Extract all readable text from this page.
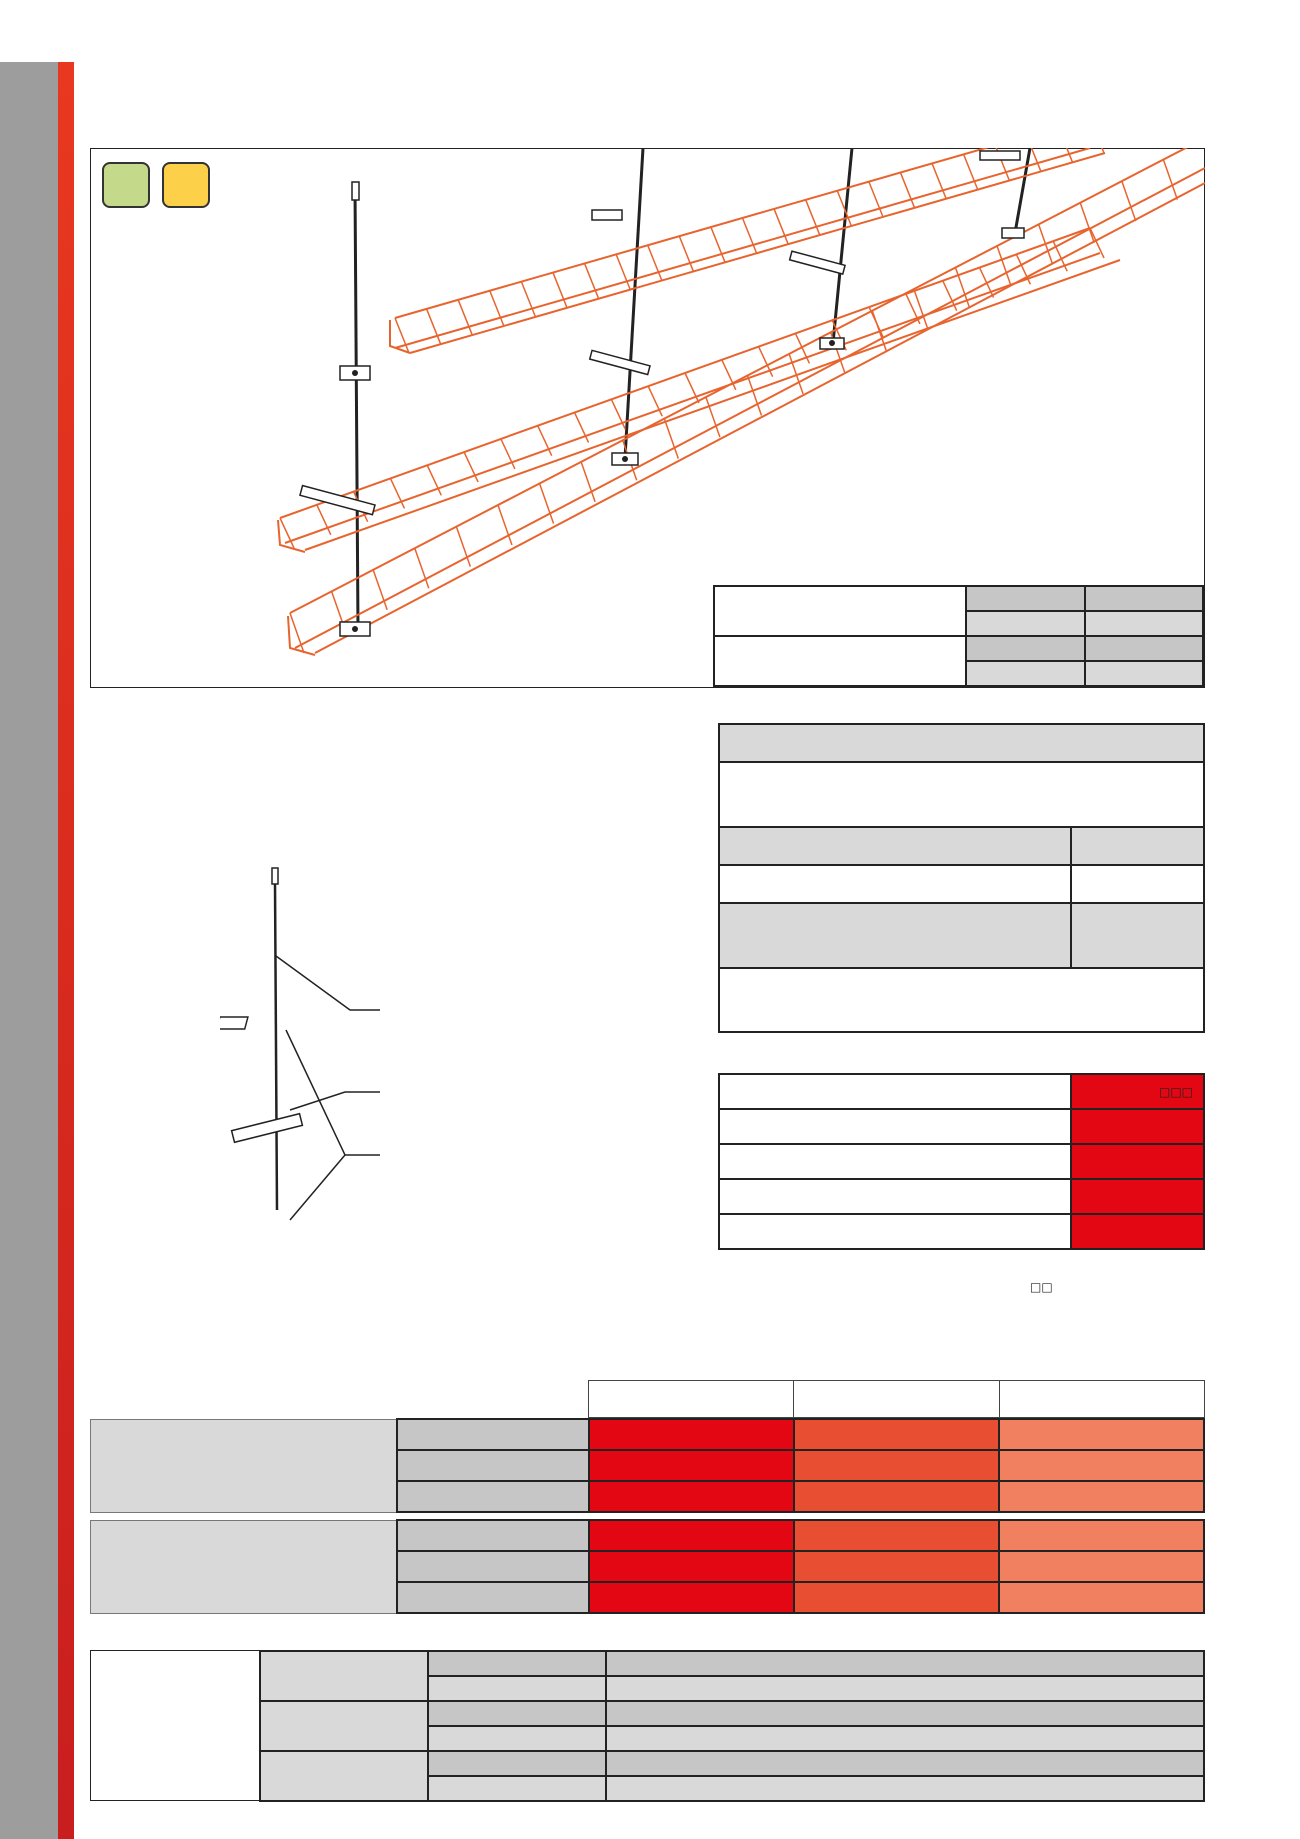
	□□□

□□
